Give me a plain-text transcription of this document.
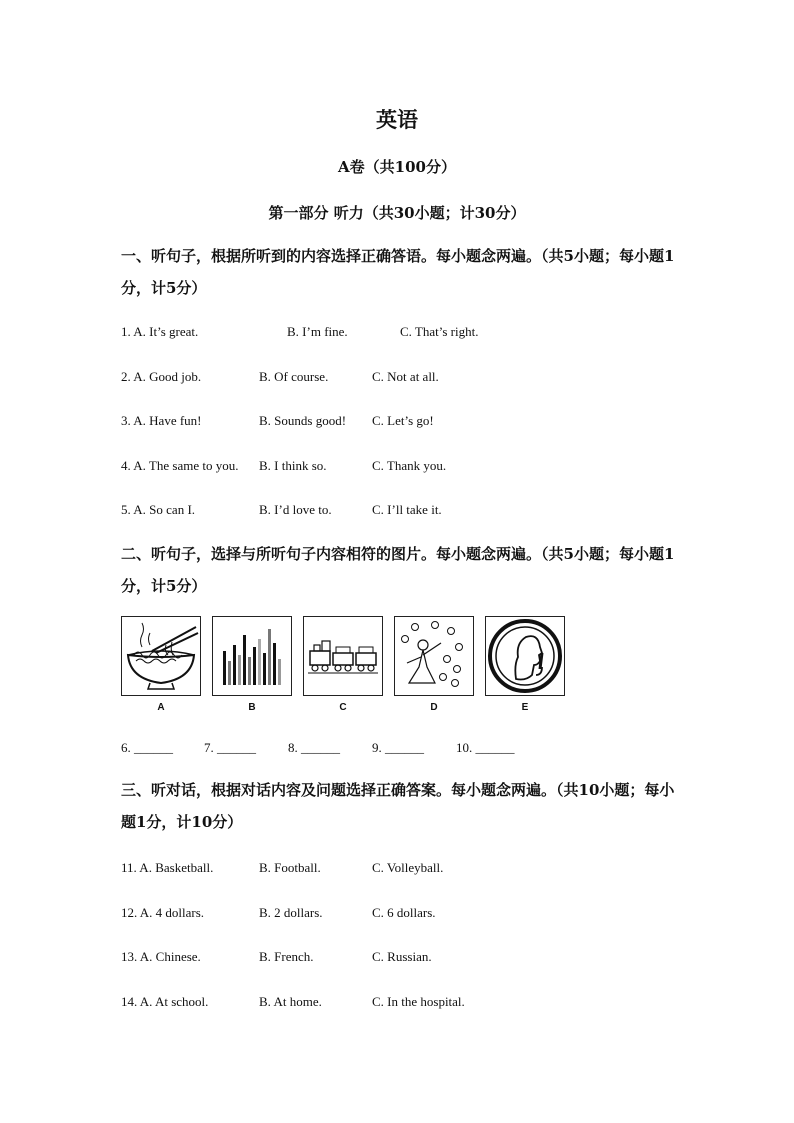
英语
A卷（共100分）
第一部分 听力（共30小题；计30分）
一、听句子，根据所听到的内容选择正确答语。每小题念两遍。（共5小题；每小题1分，计5分）
1. A. It’s great.	B. I’m fine.	C. That’s right.
2. A. Good job.	B. Of course.	C. Not at all.
3. A. Have fun!	B. Sounds good! C. Let’s go!
4. A. The same to you. B. I think so.	C. Thank you.
5. A. So can I.	B. I’d love to.	C. I’ll take it.
二、听句子，选择与所听句子内容相符的图片。每小题念两遍。（共5小题；每小题1分，计5分）
A	B	C	D	E
6. ______ 7. ______ 8. ______ 9. ______ 10. ______
三、听对话，根据对话内容及问题选择正确答案。每小题念两遍。（共10小题；每小题1分，计10分）
11. A. Basketball.	B. Football.	C. Volleyball.
12. A. 4 dollars.	B. 2 dollars.	C. 6 dollars.
13. A. Chinese.	B. French.	C. Russian.
14. A. At school.	B. At home.	C. In the hospital.
